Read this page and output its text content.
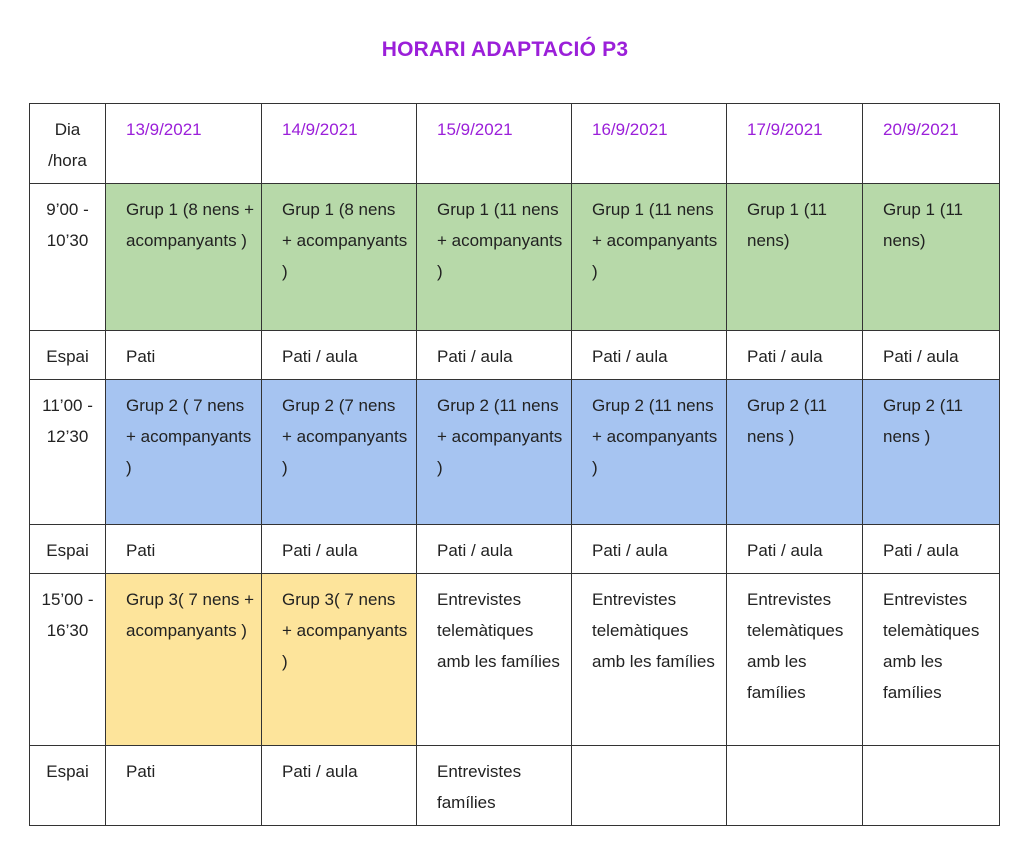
HORARI ADAPTACIÓ P3
Dia /hora	13/9/2021	14/9/2021	15/9/2021	16/9/2021	17/9/2021	20/9/2021
9’00 - 10’30	Grup 1 (8 nens + acompanyants )	Grup 1 (8 nens + acompanyants )	Grup 1 (11 nens + acompanyants )	Grup 1 (11 nens + acompanyants )	Grup 1 (11 nens)	Grup 1 (11 nens)
Espai	Pati	Pati / aula	Pati / aula	Pati / aula	Pati / aula	Pati / aula
11’00 - 12’30	Grup 2 ( 7 nens + acompanyants )	Grup 2 (7 nens + acompanyants )	Grup 2 (11 nens + acompanyants )	Grup 2 (11 nens + acompanyants )	Grup 2 (11 nens )	Grup 2 (11 nens )
Espai	Pati	Pati / aula	Pati / aula	Pati / aula	Pati / aula	Pati / aula
15’00 - 16’30	Grup 3( 7 nens + acompanyants )	Grup 3( 7 nens + acompanyants )	Entrevistes telemàtiques amb les famílies	Entrevistes telemàtiques amb les famílies	Entrevistes telemàtiques amb les famílies	Entrevistes telemàtiques amb les famílies
Espai	Pati	Pati / aula	Entrevistes famílies			
